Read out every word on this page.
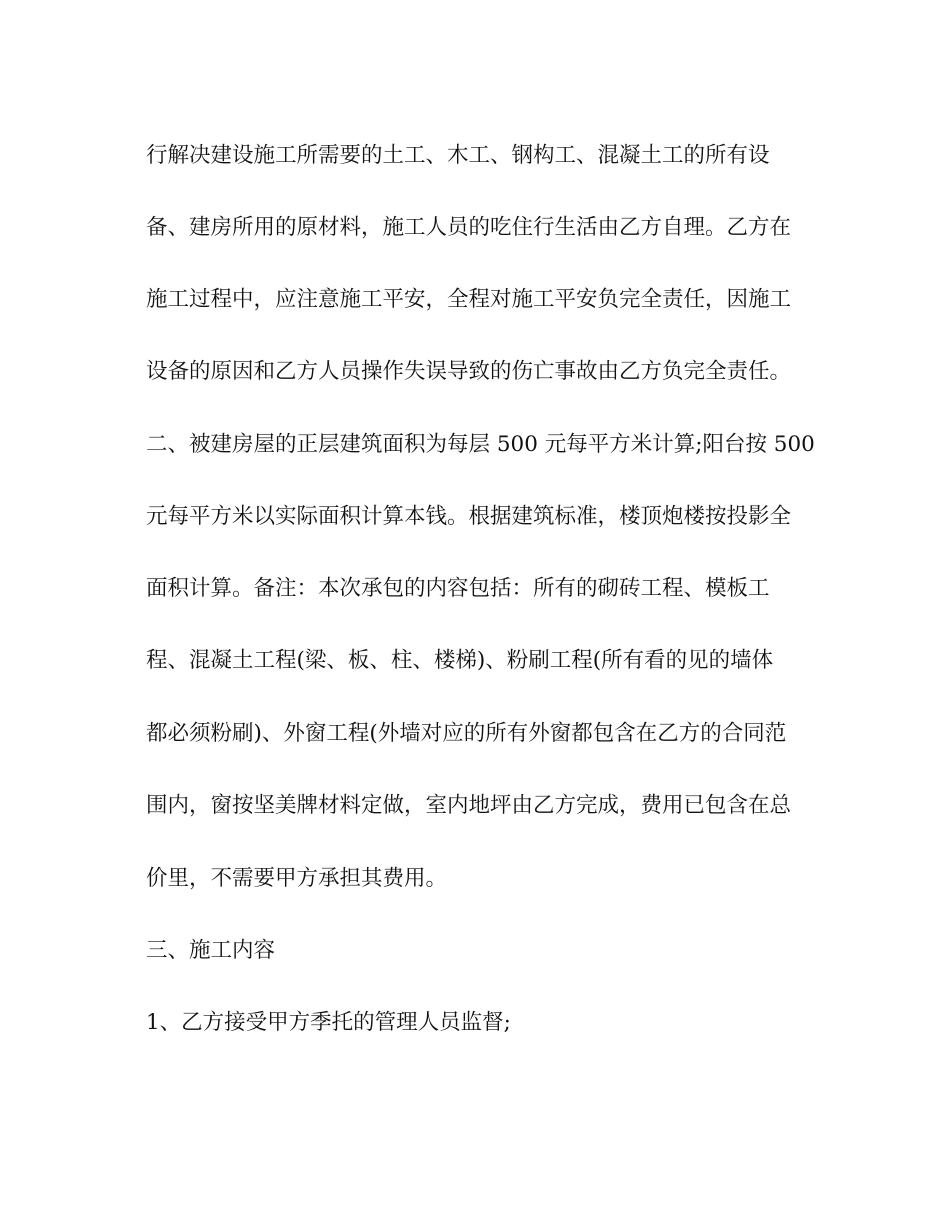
行解决建设施工所需要的土工、木工、钢构工、混凝土工的所有设
备、建房所用的原材料，施工人员的吃住行生活由乙方自理。乙方在
施工过程中，应注意施工平安，全程对施工平安负完全责任，因施工
设备的原因和乙方人员操作失误导致的伤亡事故由乙方负完全责任。
二、被建房屋的正层建筑面积为每层 500 元每平方米计算;阳台按 500
元每平方米以实际面积计算本钱。根据建筑标准，楼顶炮楼按投影全
面积计算。备注：本次承包的内容包括：所有的砌砖工程、模板工
程、混凝土工程(梁、板、柱、楼梯)、粉刷工程(所有看的见的墙体
都必须粉刷)、外窗工程(外墙对应的所有外窗都包含在乙方的合同范
围内，窗按坚美牌材料定做，室内地坪由乙方完成，费用已包含在总
价里，不需要甲方承担其费用。
三、施工内容
1、乙方接受甲方季托的管理人员监督;
